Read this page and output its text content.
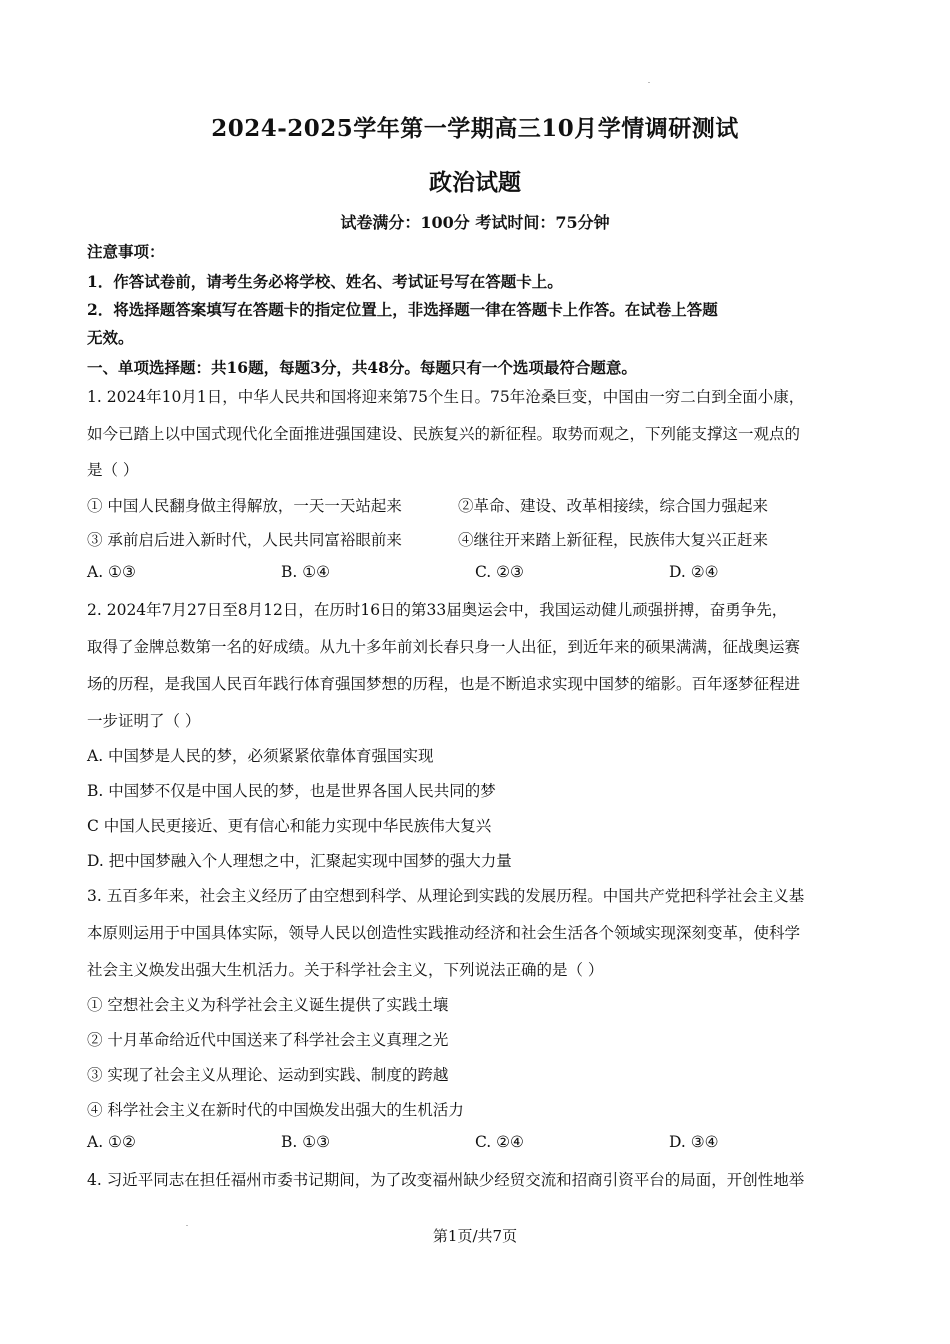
2024-2025学年第一学期高三10月学情调研测试
政治试题
试卷满分：100分 考试时间：75分钟
注意事项：
1．作答试卷前，请考生务必将学校、姓名、考试证号写在答题卡上。
2．将选择题答案填写在答题卡的指定位置上，非选择题一律在答题卡上作答。在试卷上答题
无效。
一、单项选择题：共16题，每题3分，共48分。每题只有一个选项最符合题意。
1. 2024年10月1日，中华人民共和国将迎来第75个生日。75年沧桑巨变，中国由一穷二白到全面小康，
如今已踏上以中国式现代化全面推进强国建设、民族复兴的新征程。取势而观之，下列能支撑这一观点的
是（ ）
① 中国人民翻身做主得解放，一天一天站起来	②革命、建设、改革相接续，综合国力强起来
③ 承前启后进入新时代，人民共同富裕眼前来	④继往开来踏上新征程，民族伟大复兴正赶来
A. ①③	B. ①④	C. ②③	D. ②④
2. 2024年7月27日至8月12日，在历时16日的第33届奥运会中，我国运动健儿顽强拼搏，奋勇争先，
取得了金牌总数第一名的好成绩。从九十多年前刘长春只身一人出征，到近年来的硕果满满，征战奥运赛
场的历程，是我国人民百年践行体育强国梦想的历程，也是不断追求实现中国梦的缩影。百年逐梦征程进
一步证明了（ ）
A. 中国梦是人民的梦，必须紧紧依靠体育强国实现
B. 中国梦不仅是中国人民的梦，也是世界各国人民共同的梦
C 中国人民更接近、更有信心和能力实现中华民族伟大复兴
D. 把中国梦融入个人理想之中，汇聚起实现中国梦的强大力量
3. 五百多年来，社会主义经历了由空想到科学、从理论到实践的发展历程。中国共产党把科学社会主义基
本原则运用于中国具体实际，领导人民以创造性实践推动经济和社会生活各个领域实现深刻变革，使科学
社会主义焕发出强大生机活力。关于科学社会主义，下列说法正确的是（ ）
① 空想社会主义为科学社会主义诞生提供了实践土壤
② 十月革命给近代中国送来了科学社会主义真理之光
③ 实现了社会主义从理论、运动到实践、制度的跨越
④ 科学社会主义在新时代的中国焕发出强大的生机活力
A. ①②	B. ①③	C. ②④	D. ③④
4. 习近平同志在担任福州市委书记期间，为了改变福州缺少经贸交流和招商引资平台的局面，开创性地举
第1页/共7页
